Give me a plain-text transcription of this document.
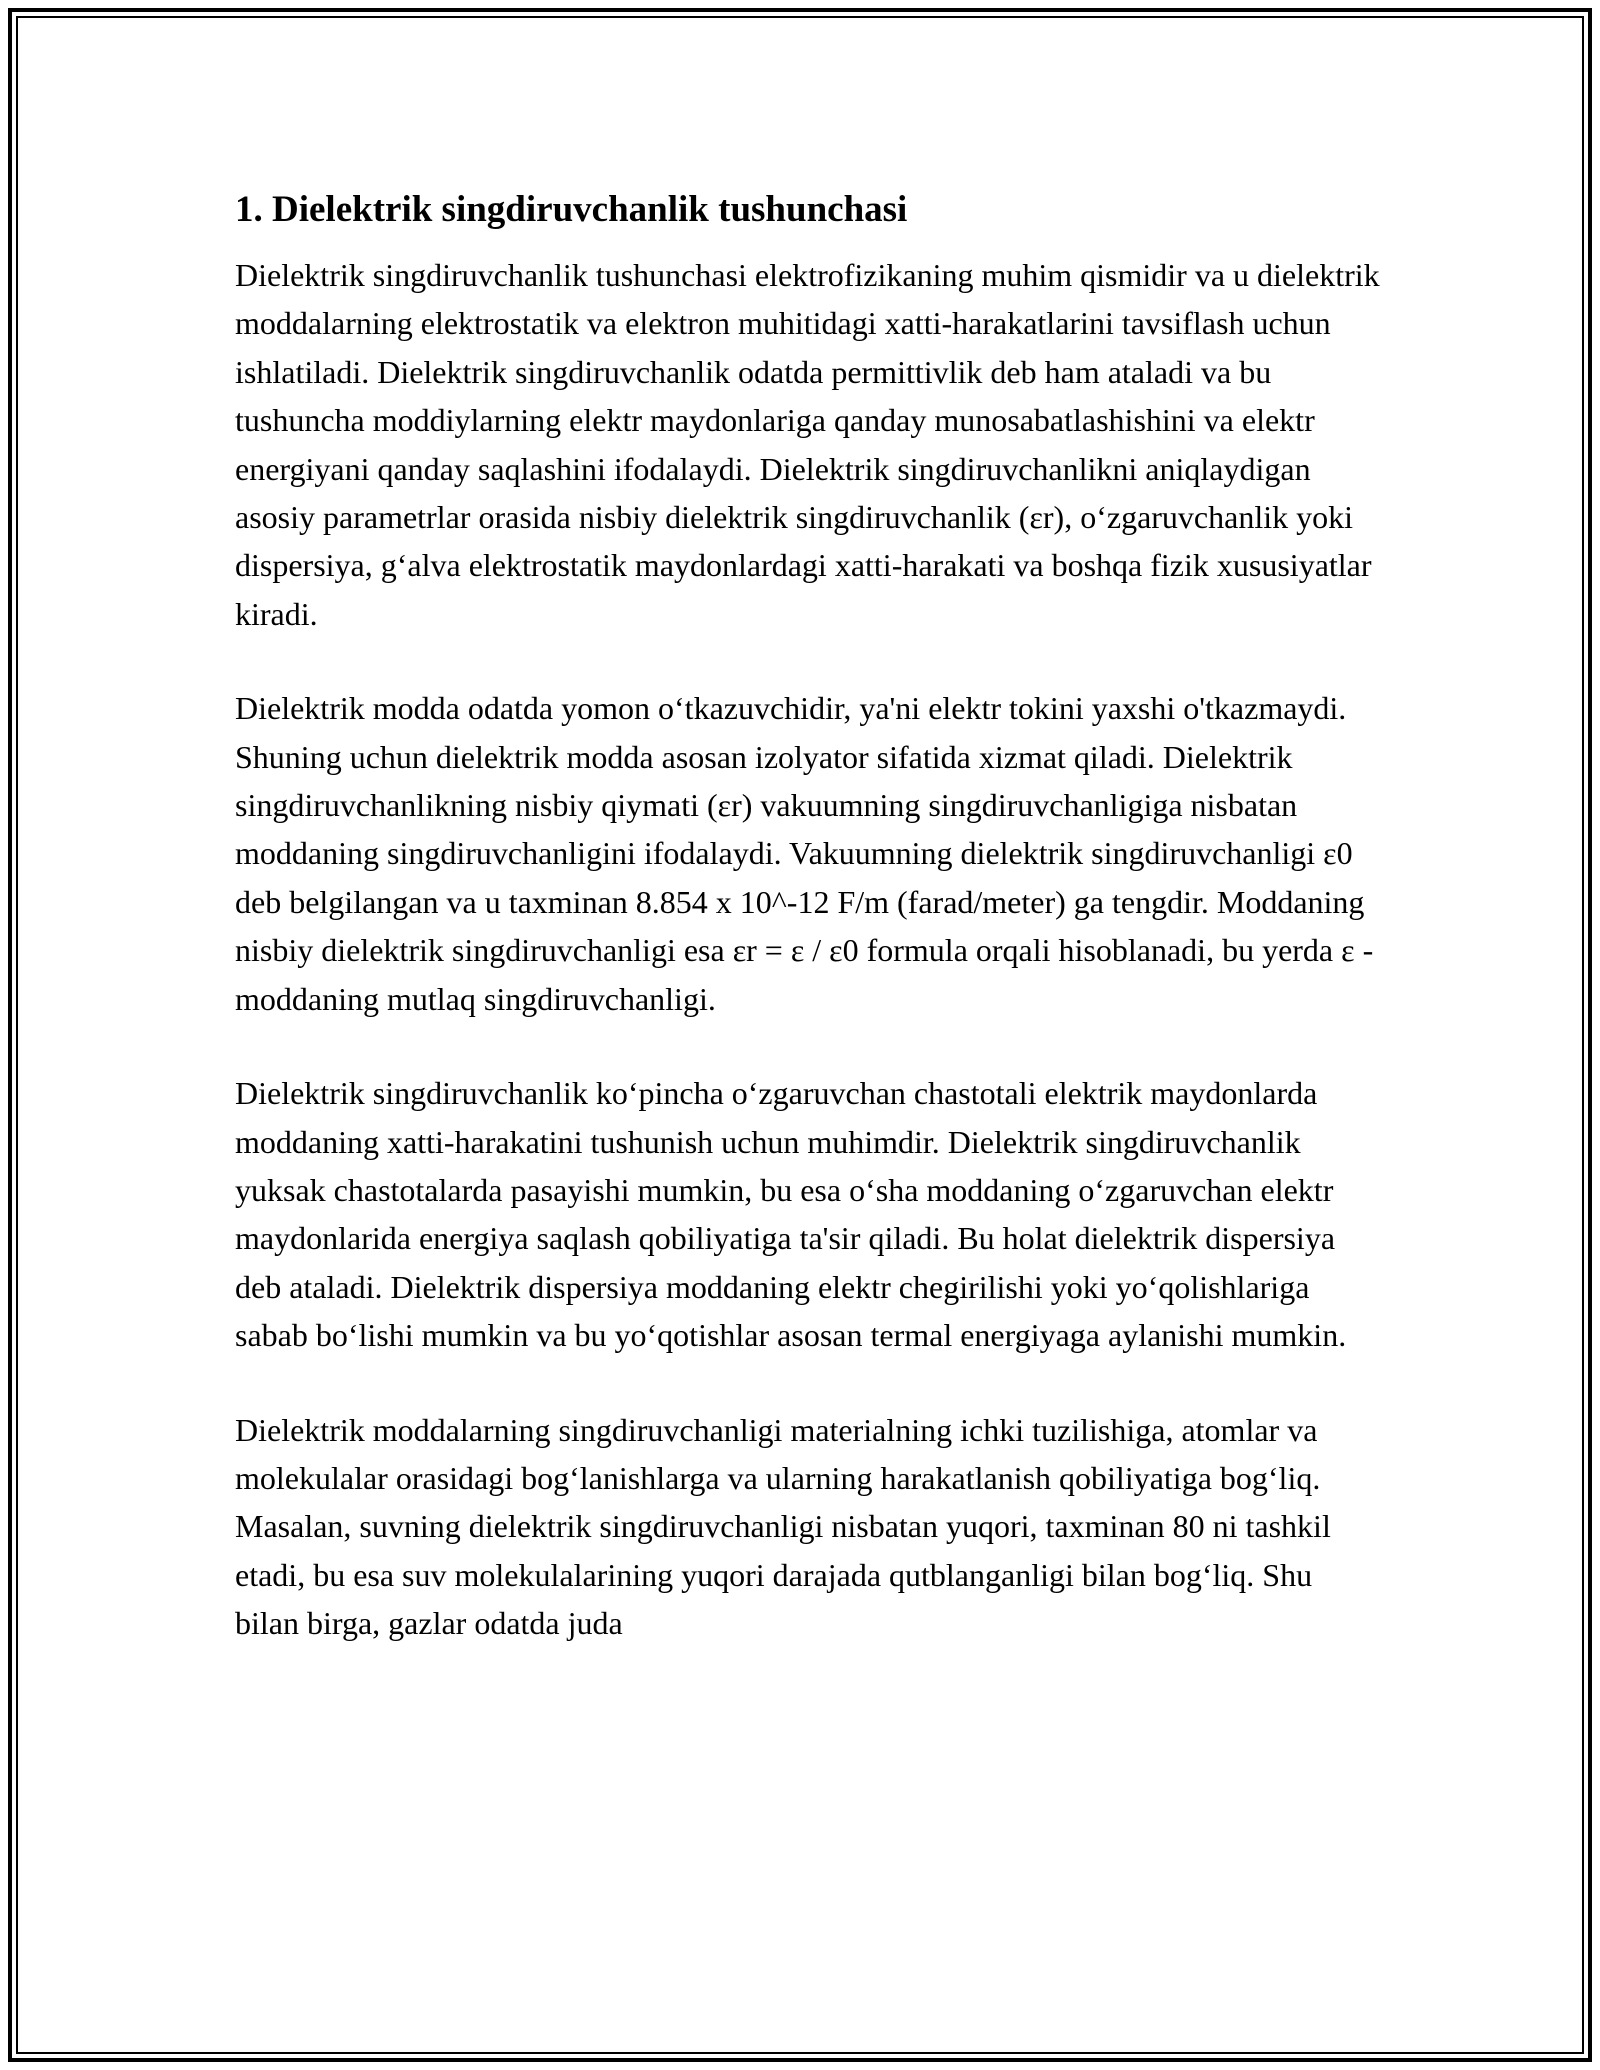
1. Dielektrik singdiruvchanlik tushunchasi

Dielektrik singdiruvchanlik tushunchasi elektrofizikaning muhim qismidir va u dielektrik moddalarning elektrostatik va elektron muhitidagi xatti-harakatlarini tavsiflash uchun ishlatiladi. Dielektrik singdiruvchanlik odatda permittivlik deb ham ataladi va bu tushuncha moddiylarning elektr maydonlariga qanday munosabatlashishini va elektr energiyani qanday saqlashini ifodalaydi. Dielektrik singdiruvchanlikni aniqlaydigan asosiy parametrlar orasida nisbiy dielektrik singdiruvchanlik (εr), oʻzgaruvchanlik yoki dispersiya, gʻalva elektrostatik maydonlardagi xatti-harakati va boshqa fizik xususiyatlar kiradi.

Dielektrik modda odatda yomon oʻtkazuvchidir, ya'ni elektr tokini yaxshi o'tkazmaydi. Shuning uchun dielektrik modda asosan izolyator sifatida xizmat qiladi. Dielektrik singdiruvchanlikning nisbiy qiymati (εr) vakuumning singdiruvchanligiga nisbatan moddaning singdiruvchanligini ifodalaydi. Vakuumning dielektrik singdiruvchanligi ε0 deb belgilangan va u taxminan 8.854 x 10^-12 F/m (farad/meter) ga tengdir. Moddaning nisbiy dielektrik singdiruvchanligi esa εr = ε / ε0 formula orqali hisoblanadi, bu yerda ε - moddaning mutlaq singdiruvchanligi.

Dielektrik singdiruvchanlik koʻpincha oʻzgaruvchan chastotali elektrik maydonlarda moddaning xatti-harakatini tushunish uchun muhimdir. Dielektrik singdiruvchanlik yuksak chastotalarda pasayishi mumkin, bu esa oʻsha moddaning oʻzgaruvchan elektr maydonlarida energiya saqlash qobiliyatiga ta'sir qiladi. Bu holat dielektrik dispersiya deb ataladi. Dielektrik dispersiya moddaning elektr chegirilishi yoki yoʻqolishlariga sabab boʻlishi mumkin va bu yoʻqotishlar asosan termal energiyaga aylanishi mumkin.

Dielektrik moddalarning singdiruvchanligi materialning ichki tuzilishiga, atomlar va molekulalar orasidagi bogʻlanishlarga va ularning harakatlanish qobiliyatiga bogʻliq. Masalan, suvning dielektrik singdiruvchanligi nisbatan yuqori, taxminan 80 ni tashkil etadi, bu esa suv molekulalarining yuqori darajada qutblanganligi bilan bogʻliq. Shu bilan birga, gazlar odatda juda
